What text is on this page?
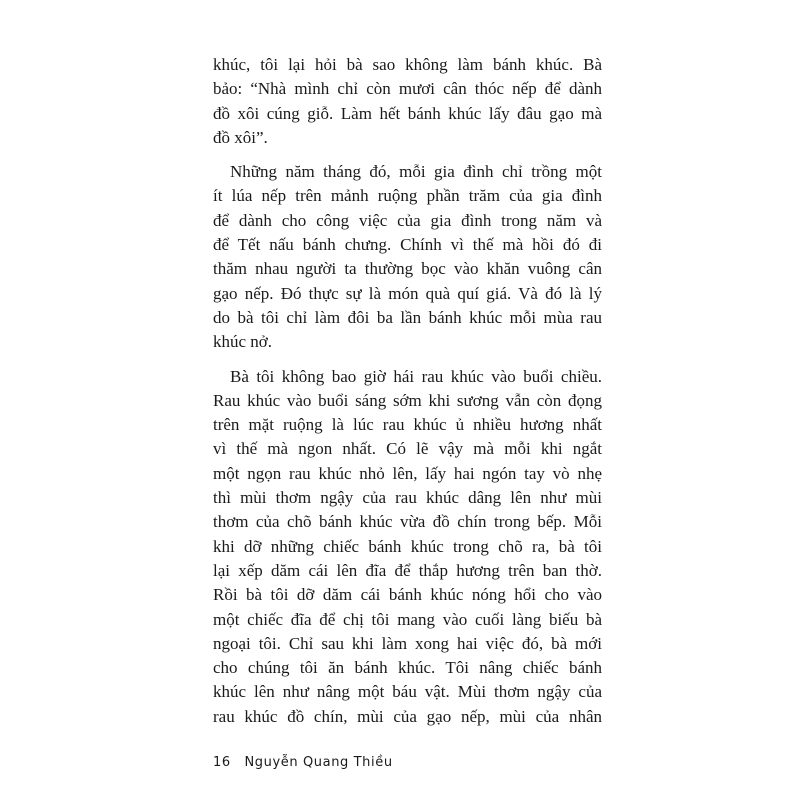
khúc, tôi lại hỏi bà sao không làm bánh khúc. Bà
bảo: “Nhà mình chỉ còn mươi cân thóc nếp để dành
đồ xôi cúng giỗ. Làm hết bánh khúc lấy đâu gạo mà
đồ xôi”.
Những năm tháng đó, mỗi gia đình chỉ trồng một
ít lúa nếp trên mảnh ruộng phần trăm của gia đình
để dành cho công việc của gia đình trong năm và
để Tết nấu bánh chưng. Chính vì thế mà hồi đó đi
thăm nhau người ta thường bọc vào khăn vuông cân
gạo nếp. Đó thực sự là món quà quí giá. Và đó là lý
do bà tôi chỉ làm đôi ba lần bánh khúc mỗi mùa rau
khúc nở.
Bà tôi không bao giờ hái rau khúc vào buổi chiều.
Rau khúc vào buổi sáng sớm khi sương vẫn còn đọng
trên mặt ruộng là lúc rau khúc ủ nhiều hương nhất
vì thế mà ngon nhất. Có lẽ vậy mà mỗi khi ngắt
một ngọn rau khúc nhỏ lên, lấy hai ngón tay vò nhẹ
thì mùi thơm ngậy của rau khúc dâng lên như mùi
thơm của chõ bánh khúc vừa đồ chín trong bếp. Mỗi
khi dỡ những chiếc bánh khúc trong chõ ra, bà tôi
lại xếp dăm cái lên đĩa để thắp hương trên ban thờ.
Rồi bà tôi dỡ dăm cái bánh khúc nóng hổi cho vào
một chiếc đĩa để chị tôi mang vào cuối làng biếu bà
ngoại tôi. Chỉ sau khi làm xong hai việc đó, bà mới
cho chúng tôi ăn bánh khúc. Tôi nâng chiếc bánh
khúc lên như nâng một báu vật. Mùi thơm ngậy của
rau khúc đồ chín, mùi của gạo nếp, mùi của nhân
16 Nguyễn Quang Thiều
